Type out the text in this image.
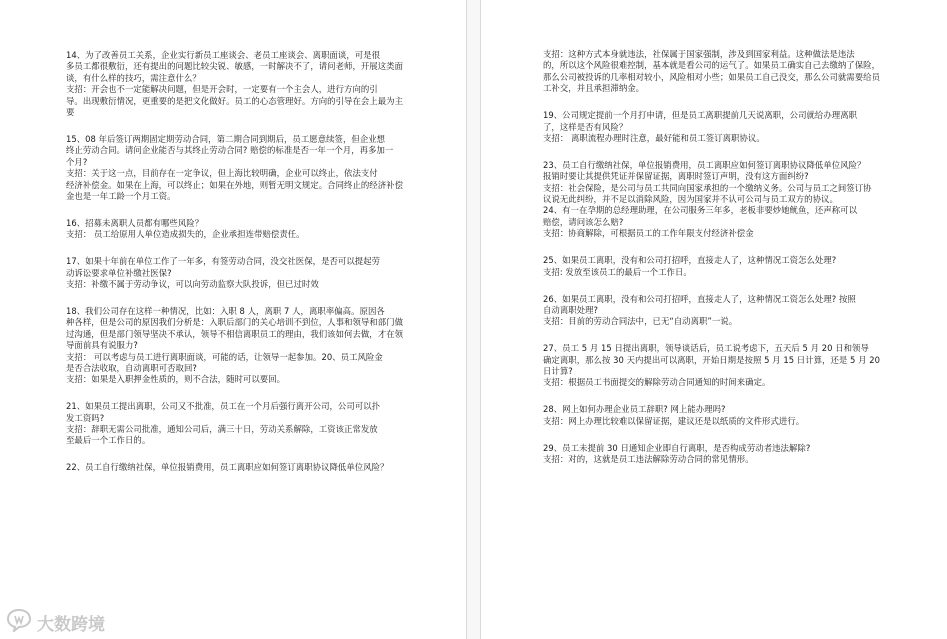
14、为了改善员工关系，企业实行新员工座谈会、老员工座谈会、离职面谈，可是很
多员工都很敷衍，还有提出的问题比较尖锐、敏感，一时解决不了，请问老师，开展这类面
谈，有什么样的技巧，需注意什么？
支招：开会也不一定能解决问题，但是开会时，一定要有一个主会人，进行方向的引
导。出现敷衍情况，更重要的是把文化做好。员工的心态管理好。方向的引导在会上最为主
要
15、08 年后签订两期固定期劳动合同，第二期合同到期后，员工愿意续签，但企业想
终止劳动合同。请问企业能否与其终止劳动合同? 赔偿的标准是否一年一个月，再多加一
个月?
支招：关于这一点，目前存在一定争议，但上海比较明确，企业可以终止，依法支付
经济补偿金。如果在上海，可以终止；如果在外地，则暂无明文规定。合同终止的经济补偿
金也是一年工龄一个月工资。
16、招募未离职人员都有哪些风险？
支招： 员工给原用人单位造成损失的，企业承担连带赔偿责任。
17、如果十年前在单位工作了一年多，有签劳动合同，没交社医保，是否可以提起劳
动诉讼要求单位补缴社医保?
支招：补缴不属于劳动争议，可以向劳动监察大队投诉，但已过时效
18、我们公司存在这样一种情况，比如：入职 8 人，离职 7 人，离职率偏高。原因各
种各样，但是公司的原因我们分析是：入职后部门的关心培训不到位，人事和领导和部门做
过沟通，但是部门领导坚决不承认，领导不相信离职员工的理由，我们该如何去做，才在领
导面前具有说服力?
支招： 可以考虑与员工进行离职面谈，可能的话，让领导一起参加。20、员工风险金
是否合法收取，自动离职可否取回?
支招：如果是入职押金性质的，则不合法，随时可以要回。
21、如果员工提出离职，公司又不批准，员工在一个月后强行离开公司，公司可以扑
发工资吗?
支招：辞职无需公司批准，通知公司后，满三十日，劳动关系解除，工资该正常发放
至最后一个工作日的。
22、员工自行缴纳社保，单位报销费用，员工离职应如何签订离职协议降低单位风险？
支招：这种方式本身就违法，社保属于国家强制，涉及到国家利益。这种做法是违法
的，所以这个风险很难控制，基本就是看公司的运气了。如果员工确实自己去缴纳了保险，
那么公司被投诉的几率相对较小，风险相对小些；如果员工自己没交，那么公司就需要给员
工补交，并且承担滞纳金。
19、公司规定提前一个月打申请，但是员工离职提前几天说离职，公司就给办理离职
了，这样是否有风险？
支招： 离职流程办理时注意，最好能和员工签订离职协议。
23、员工自行缴纳社保，单位报销费用，员工离职应如何签订离职协议降低单位风险？
报销时要让其提供凭证并保留证据，离职时签订声明，没有这方面纠纷?
支招：社会保险，是公司与员工共同向国家承担的一个缴纳义务。公司与员工之间签订协
议说无此纠纷，并不足以消除风险，因为国家并不认可公司与员工双方的协议。
24、有一在孕期的总经理助理，在公司服务三年多，老板非要炒她鱿鱼，还声称可以
赔偿，请问该怎么赔?
支招：协商解除，可根据员工的工作年限支付经济补偿金
25、如果员工离职，没有和公司打招呼，直接走人了，这种情况工资怎么处理?
支招: 发放至该员工的最后一个工作日。
26、如果员工离职，没有和公司打招呼，直接走人了，这种情况工资怎么处理? 按照
自动离职处理?
支招：目前的劳动合同法中，已无“自动离职”一说。
27、员工 5 月 15 日提出离职，领导谈话后，员工说考虑下，五天后 5 月 20 日和领导
确定离职，那么按 30 天内提出可以离职，开始日期是按照 5 月 15 日计算，还是 5 月 20
日计算?
支招：根据员工书面提交的解除劳动合同通知的时间来确定。
28、网上如何办理企业员工辞职? 网上能办理吗?
支招：网上办理比较难以保留证据，建议还是以纸质的文件形式进行。
29、员工未提前 30 日通知企业即自行离职，是否构成劳动者违法解除?
支招：对的，这就是员工违法解除劳动合同的常见情形。
大数跨境
